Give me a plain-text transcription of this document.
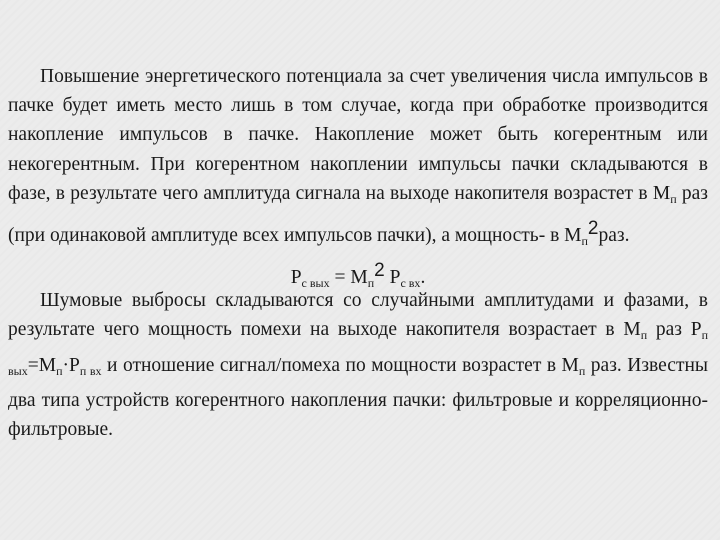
Повышение энергетического потенциала за счет увеличения числа импульсов в пачке будет иметь место лишь в том случае, когда при обработке производится накопление импульсов в пачке. Накопление может быть когерентным или некогерентным. При когерентном накоплении импульсы пачки складываются в фазе, в результате чего амплитуда сигнала на выходе накопителя возрастет в $М_п$ раз (при одинаковой амплитуде всех импульсов пачки), а мощность- в $М_п2раз$.

$Р_{с вых} = М_п2$ $Р_{с вх}$.

Шумовые выбросы складываются со случайными амплитудами и фазами, в результате чего мощность помехи на выходе накопителя возрастает в $М_п$ раз $Р_{п вых}=М_п\cdot Р_{п вх}$ и отношение сигнал/помеха по мощности возрастет в $М_п$ раз. Известны два типа устройств когерентного накопления пачки: фильтровые и корреляционно-фильтровые.
